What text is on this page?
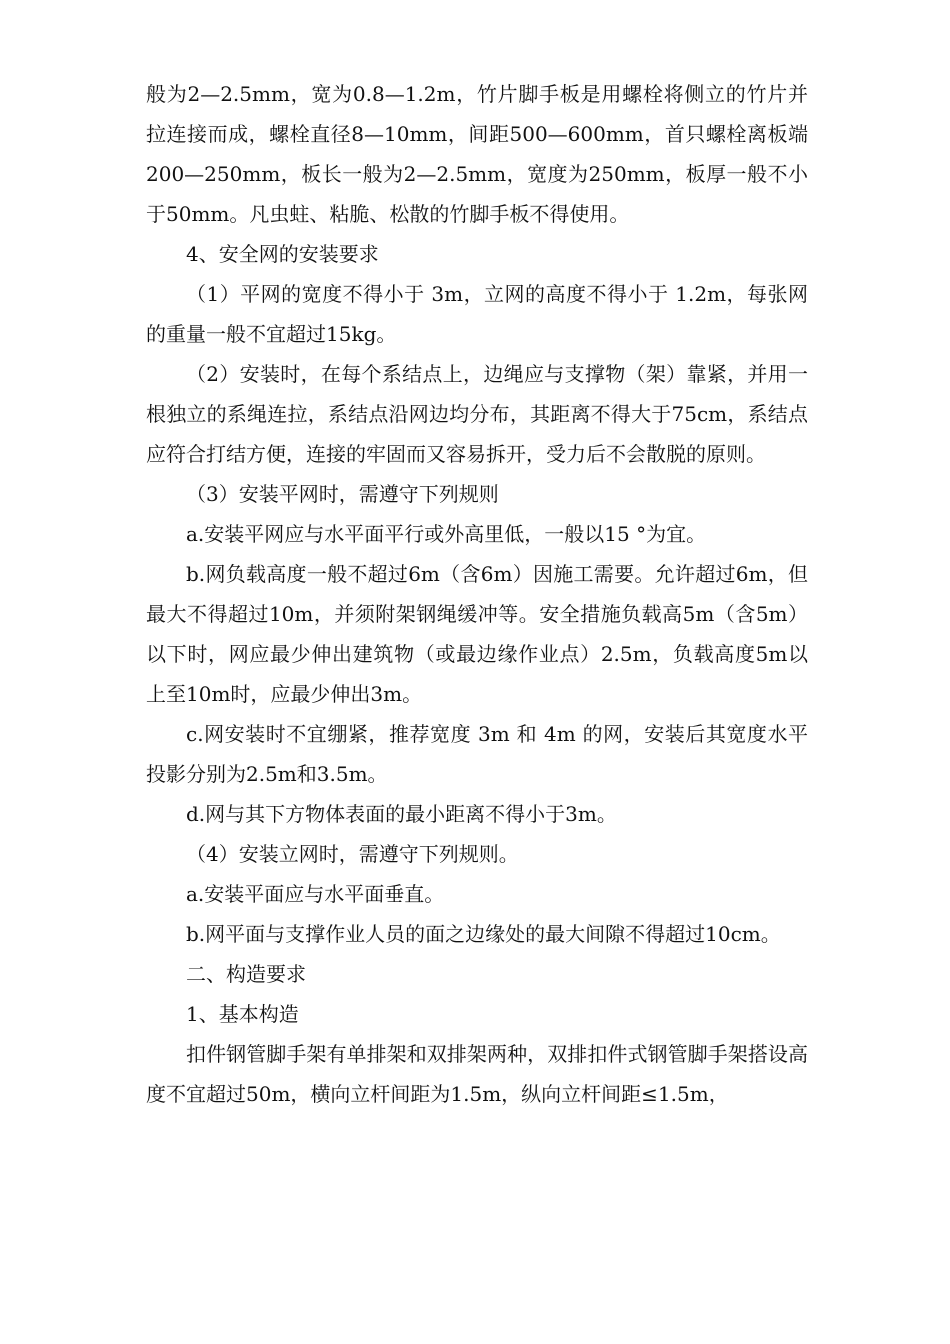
般为2—2.5mm，宽为0.8—1.2m，竹片脚手板是用螺栓将侧立的竹片并拉连接而成，螺栓直径8—10mm，间距500—600mm，首只螺栓离板端200—250mm，板长一般为2—2.5mm，宽度为250mm，板厚一般不小于50mm。凡虫蛀、粘脆、松散的竹脚手板不得使用。

4、安全网的安装要求

（1）平网的宽度不得小于 3m，立网的高度不得小于 1.2m，每张网的重量一般不宜超过15kg。

（2）安装时，在每个系结点上，边绳应与支撑物（架）靠紧，并用一根独立的系绳连拉，系结点沿网边均分布，其距离不得大于75cm，系结点应符合打结方便，连接的牢固而又容易拆开，受力后不会散脱的原则。

（3）安装平网时，需遵守下列规则

a.安装平网应与水平面平行或外高里低，一般以15 °为宜。

b.网负载高度一般不超过6m（含6m）因施工需要。允许超过6m，但最大不得超过10m，并须附架钢绳缓冲等。安全措施负载高5m（含5m）以下时，网应最少伸出建筑物（或最边缘作业点）2.5m，负载高度5m以上至10m时，应最少伸出3m。

c.网安装时不宜绷紧，推荐宽度 3m 和 4m 的网，安装后其宽度水平投影分别为2.5m和3.5m。

d.网与其下方物体表面的最小距离不得小于3m。

（4）安装立网时，需遵守下列规则。

a.安装平面应与水平面垂直。

b.网平面与支撑作业人员的面之边缘处的最大间隙不得超过10cm。

二、构造要求

1、基本构造

扣件钢管脚手架有单排架和双排架两种，双排扣件式钢管脚手架搭设高度不宜超过50m，横向立杆间距为1.5m，纵向立杆间距≤1.5m，
